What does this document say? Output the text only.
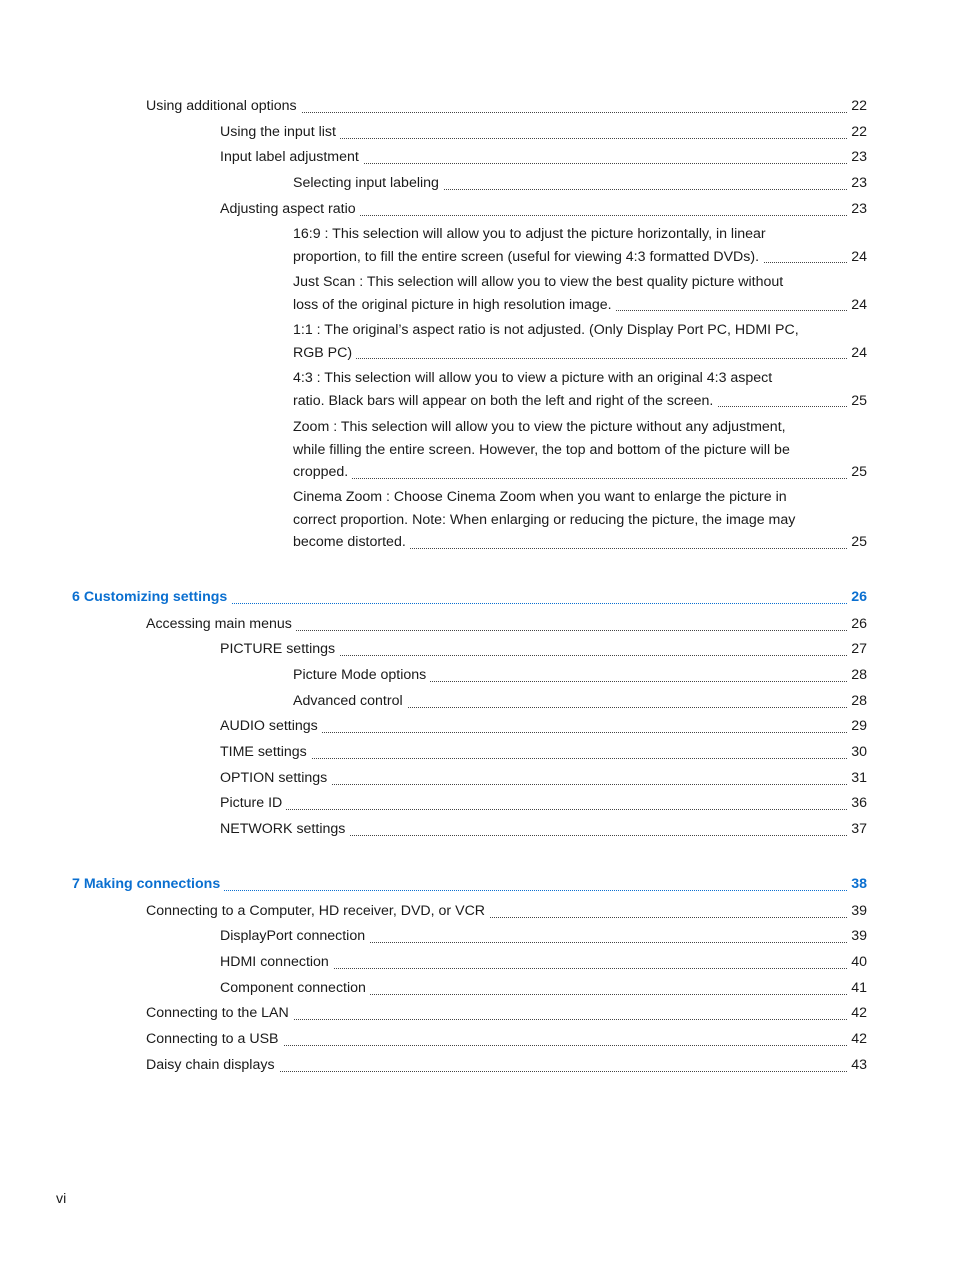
Using additional options	22
Using the input list	22
Input label adjustment	23
Selecting input labeling	23
Adjusting aspect ratio	23
16:9 : This selection will allow you to adjust the picture horizontally, in linear
proportion, to fill the entire screen (useful for viewing 4:3 formatted DVDs).	24
Just Scan : This selection will allow you to view the best quality picture without
loss of the original picture in high resolution image.	24
1:1 : The original’s aspect ratio is not adjusted. (Only Display Port PC, HDMI PC,
RGB PC)	24
4:3 : This selection will allow you to view a picture with an original 4:3 aspect
ratio. Black bars will appear on both the left and right of the screen.	25
Zoom : This selection will allow you to view the picture without any adjustment,
while filling the entire screen. However, the top and bottom of the picture will be
cropped.	25
Cinema Zoom : Choose Cinema Zoom when you want to enlarge the picture in
correct proportion. Note: When enlarging or reducing the picture, the image may
become distorted.	25
6 Customizing settings	26
Accessing main menus	26
PICTURE settings	27
Picture Mode options	28
Advanced control	28
AUDIO settings	29
TIME settings	30
OPTION settings	31
Picture ID	36
NETWORK settings	37
7 Making connections	38
Connecting to a Computer, HD receiver, DVD, or VCR	39
DisplayPort connection	39
HDMI connection	40
Component connection	41
Connecting to the LAN	42
Connecting to a USB	42
Daisy chain displays	43
vi
